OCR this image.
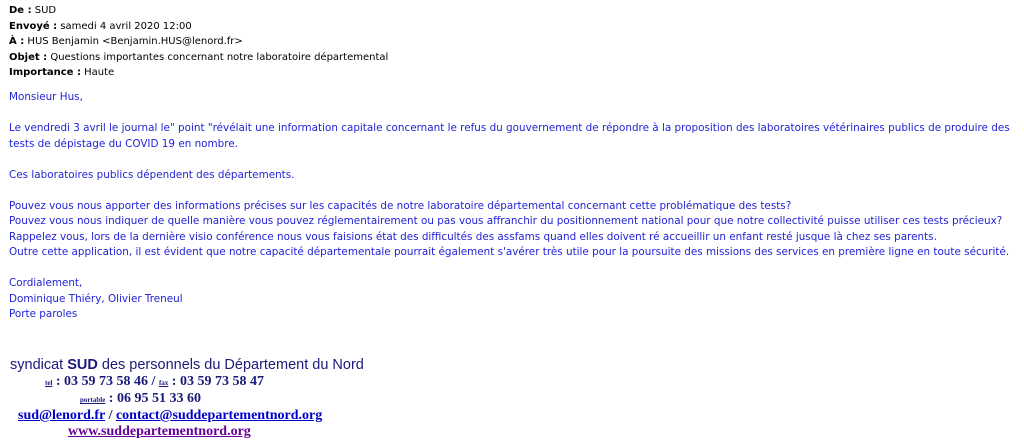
De : SUD
Envoyé : samedi 4 avril 2020 12:00
À : HUS Benjamin <Benjamin.HUS@lenord.fr>
Objet : Questions importantes concernant notre laboratoire départemental
Importance : Haute

Monsieur Hus,

Le vendredi 3 avril le journal le" point "révélait une information capitale concernant le refus du gouvernement de répondre à la proposition des laboratoires vétérinaires publics de produire des tests de dépistage du COVID 19 en nombre.

Ces laboratoires publics dépendent des départements.

Pouvez vous nous apporter des informations précises sur les capacités de notre laboratoire départemental concernant cette problématique des tests?

Pouvez vous nous indiquer de quelle manière vous pouvez réglementairement ou pas vous affranchir du positionnement national pour que notre collectivité puisse utiliser ces tests précieux?

Rappelez vous, lors de la dernière visio conférence nous vous faisions état des difficultés des assfams quand elles doivent ré accueillir un enfant resté jusque là chez ses parents.

Outre cette application, il est évident que notre capacité départementale pourrait également s'avérer très utile pour la poursuite des missions des services en première ligne en toute sécurité.

Cordialement,

Dominique Thiéry, Olivier Treneul

Porte paroles

syndicat SUD des personnels du Département du Nord
tel : 03 59 73 58 46 / fax : 03 59 73 58 47
portable : 06 95 51 33 60
sud@lenord.fr / contact@suddepartementnord.org
www.suddepartementnord.org
